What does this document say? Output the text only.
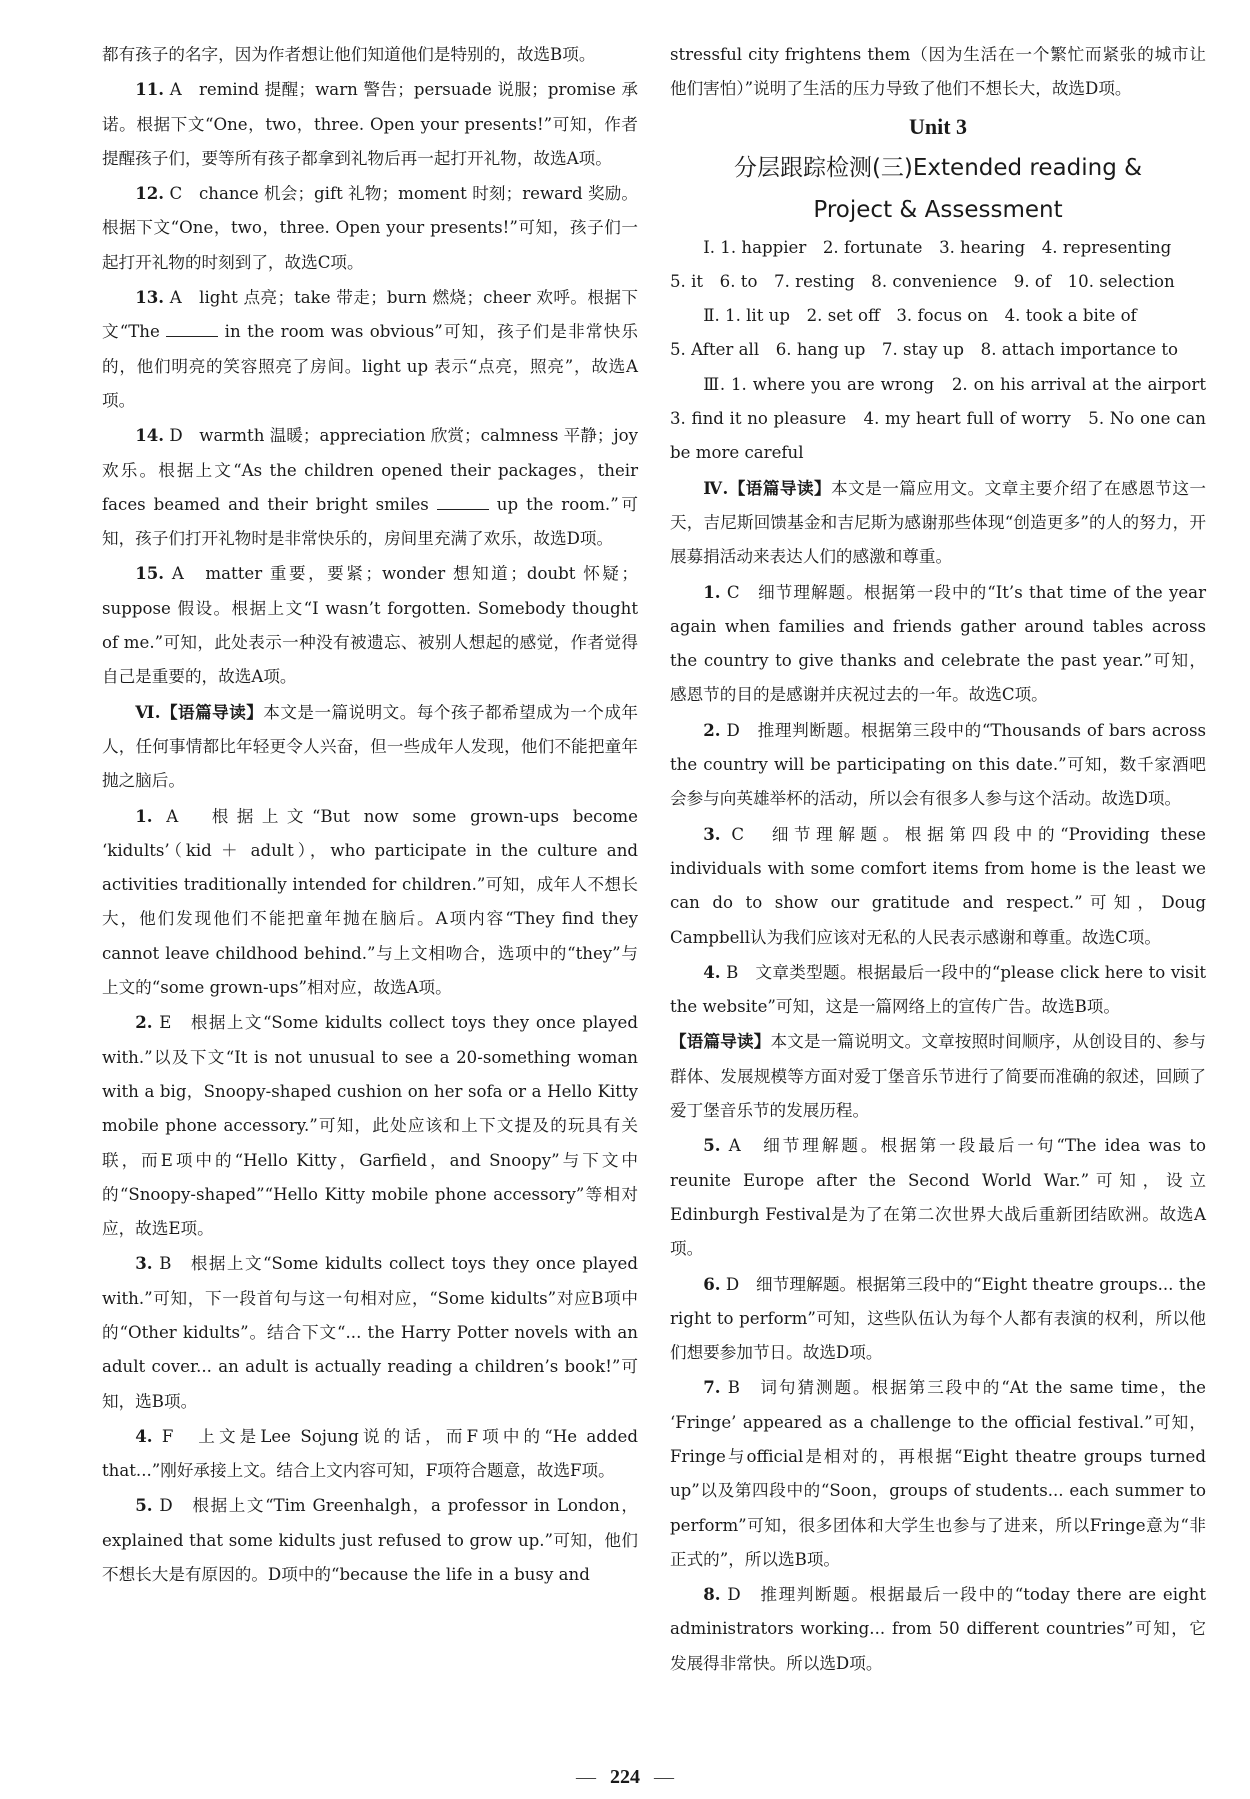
都有孩子的名字，因为作者想让他们知道他们是特别的，故选B项。

11. A　remind 提醒；warn 警告；persuade 说服；promise 承诺。根据下文“One，two，three. Open your presents!”可知，作者提醒孩子们，要等所有孩子都拿到礼物后再一起打开礼物，故选A项。

12. C　chance 机会；gift 礼物；moment 时刻；reward 奖励。根据下文“One，two，three. Open your presents!”可知，孩子们一起打开礼物的时刻到了，故选C项。

13. A　light 点亮；take 带走；burn 燃烧；cheer 欢呼。根据下文“The	in the room was obvious”可知，孩子们是非常快乐的，他们明亮的笑容照亮了房间。light up 表示“点亮，照亮”，故选A项。

14. D　warmth 温暖；appreciation 欣赏；calmness 平静；joy 欢乐。根据上文“As the children opened their packages，their faces beamed and their bright smiles	up the room.”可知，孩子们打开礼物时是非常快乐的，房间里充满了欢乐，故选D项。

15. A　matter 重要，要紧；wonder 想知道；doubt 怀疑；suppose 假设。根据上文“I wasn’t forgotten. Somebody thought of me.”可知，此处表示一种没有被遗忘、被别人想起的感觉，作者觉得自己是重要的，故选A项。

Ⅵ.【语篇导读】本文是一篇说明文。每个孩子都希望成为一个成年人，任何事情都比年轻更令人兴奋，但一些成年人发现，他们不能把童年抛之脑后。

1. A　根据上文“But now some grown-ups become ‘kidults’（kid ＋ adult），who participate in the culture and activities traditionally intended for children.”可知，成年人不想长大，他们发现他们不能把童年抛在脑后。A项内容“They find they cannot leave childhood behind.”与上文相吻合，选项中的“they”与上文的“some grown-ups”相对应，故选A项。

2. E　根据上文“Some kidults collect toys they once played with.”以及下文“It is not unusual to see a 20-something woman with a big，Snoopy-shaped cushion on her sofa or a Hello Kitty mobile phone accessory.”可知，此处应该和上下文提及的玩具有关联，而E项中的“Hello Kitty，Garfield，and Snoopy”与下文中的“Snoopy-shaped”“Hello Kitty mobile phone accessory”等相对应，故选E项。

3. B　根据上文“Some kidults collect toys they once played with.”可知，下一段首句与这一句相对应，“Some kidults”对应B项中的“Other kidults”。结合下文“... the Harry Potter novels with an adult cover... an adult is actually reading a children’s book!”可知，选B项。

4. F　上文是Lee Sojung说的话，而F项中的“He added that...”刚好承接上文。结合上文内容可知，F项符合题意，故选F项。

5. D　根据上文“Tim Greenhalgh，a professor in London，explained that some kidults just refused to grow up.”可知，他们不想长大是有原因的。D项中的“because the life in a busy and

stressful city frightens them（因为生活在一个繁忙而紧张的城市让他们害怕）”说明了生活的压力导致了他们不想长大，故选D项。

Unit 3
分层跟踪检测(三)Extended reading &
Project & Assessment

Ⅰ. 1. happier　2. fortunate　3. hearing　4. representing

5. it　6. to　7. resting　8. convenience　9. of　10. selection

Ⅱ. 1. lit up　2. set off　3. focus on　4. took a bite of

5. After all　6. hang up　7. stay up　8. attach importance to

Ⅲ. 1. where you are wrong　2. on his arrival at the airport　3. find it no pleasure　4. my heart full of worry　5. No one can be more careful

Ⅳ.【语篇导读】本文是一篇应用文。文章主要介绍了在感恩节这一天，吉尼斯回馈基金和吉尼斯为感谢那些体现“创造更多”的人的努力，开展募捐活动来表达人们的感激和尊重。

1. C　细节理解题。根据第一段中的“It’s that time of the year again when families and friends gather around tables across the country to give thanks and celebrate the past year.”可知，感恩节的目的是感谢并庆祝过去的一年。故选C项。

2. D　推理判断题。根据第三段中的“Thousands of bars across the country will be participating on this date.”可知，数千家酒吧会参与向英雄举杯的活动，所以会有很多人参与这个活动。故选D项。

3. C　细节理解题。根据第四段中的“Providing these individuals with some comfort items from home is the least we can do to show our gratitude and respect.”可知，Doug Campbell认为我们应该对无私的人民表示感谢和尊重。故选C项。

4. B　文章类型题。根据最后一段中的“please click here to visit the website”可知，这是一篇网络上的宣传广告。故选B项。

【语篇导读】本文是一篇说明文。文章按照时间顺序，从创设目的、参与群体、发展规模等方面对爱丁堡音乐节进行了简要而准确的叙述，回顾了爱丁堡音乐节的发展历程。

5. A　细节理解题。根据第一段最后一句“The idea was to reunite Europe after the Second World War.”可知，设立Edinburgh Festival是为了在第二次世界大战后重新团结欧洲。故选A项。

6. D　细节理解题。根据第三段中的“Eight theatre groups... the right to perform”可知，这些队伍认为每个人都有表演的权利，所以他们想要参加节日。故选D项。

7. B　词句猜测题。根据第三段中的“At the same time，the ‘Fringe’ appeared as a challenge to the official festival.”可知，Fringe与official是相对的，再根据“Eight theatre groups turned up”以及第四段中的“Soon，groups of students... each summer to perform”可知，很多团体和大学生也参与了进来，所以Fringe意为“非正式的”，所以选B项。

8. D　推理判断题。根据最后一段中的“today there are eight administrators working... from 50 different countries”可知，它发展得非常快。所以选D项。

— 224 —
